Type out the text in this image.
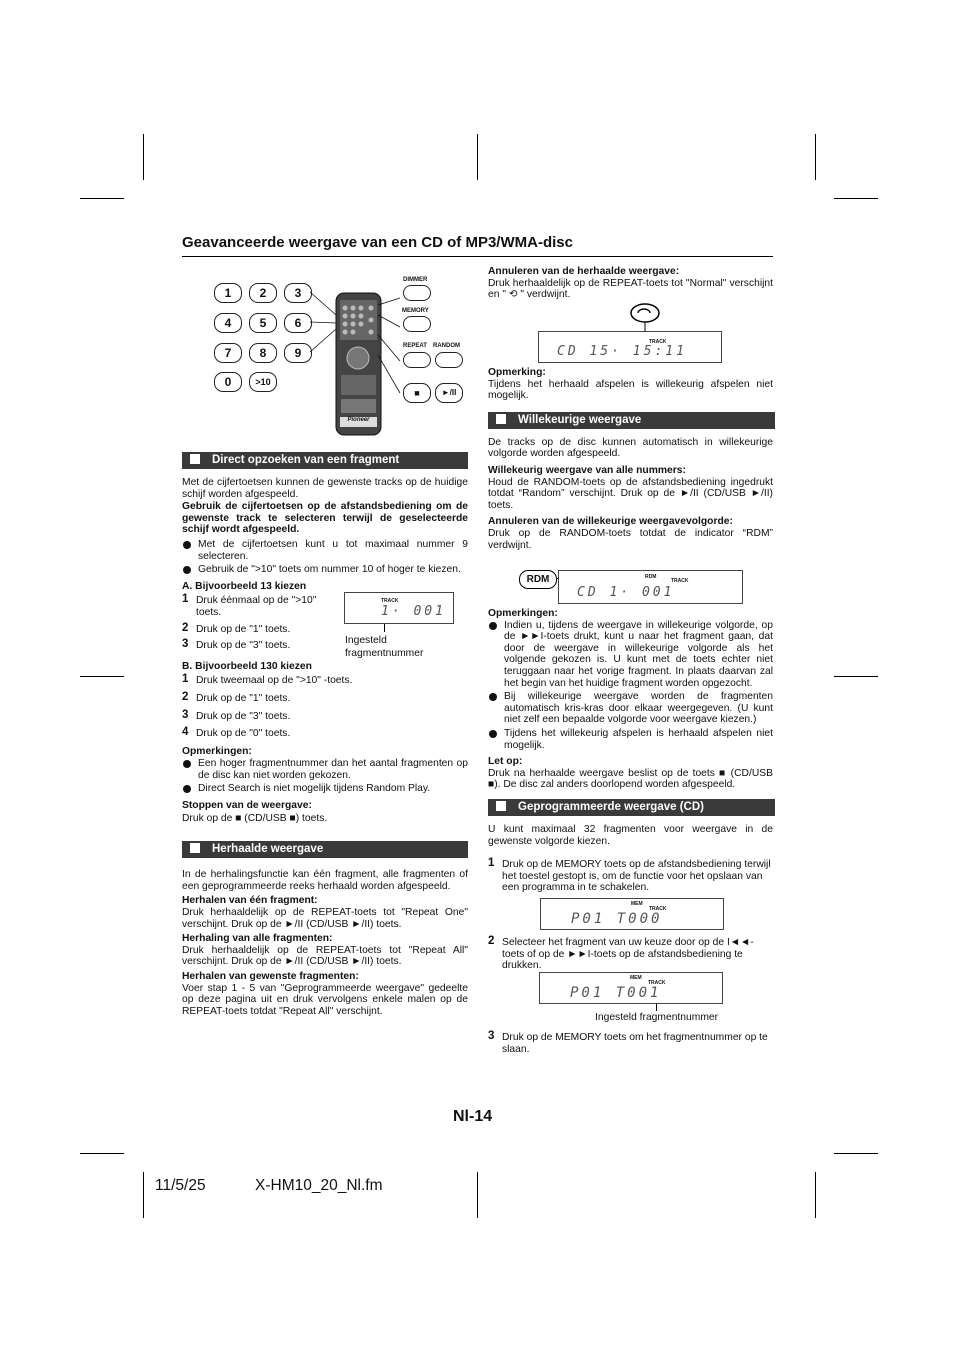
Geavanceerde weergave van een CD of MP3/WMA-disc
1	2	3
4	5	6
7	8	9
0	>10
Pioneer
DIMMER
MEMORY
REPEAT RANDOM
■	►/II
Direct opzoeken van een fragment

Met de cijfertoetsen kunnen de gewenste tracks op de huidige schijf worden afgespeeld.

Gebruik de cijfertoetsen op de afstandsbediening om de gewenste track te selecteren terwijl de geselecteerde schijf wordt afgespeeld.

Met de cijfertoetsen kunt u tot maximaal nummer 9 selecteren.
Gebruik de ">10" toets om nummer 10 of hoger te kiezen.

A. Bijvoorbeeld 13 kiezen

1 Druk éénmaal op de ">10" toets.
2 Druk op de "1" toets.
3 Druk op de "3" toets.

B. Bijvoorbeeld 130 kiezen

1 Druk tweemaal op de ">10" -toets.
2 Druk op de "1" toets.
3 Druk op de "3" toets.
4 Druk op de "0" toets.

Opmerkingen:

Een hoger fragmentnummer dan het aantal fragmenten op de disc kan niet worden gekozen.
Direct Search is niet mogelijk tijdens Random Play.

Stoppen van de weergave:

Druk op de ■ (CD/USB ■) toets.

Herhaalde weergave

In de herhalingsfunctie kan één fragment, alle fragmenten of een geprogrammeerde reeks herhaald worden afgespeeld.

Herhalen van één fragment:

Druk herhaaldelijk op de REPEAT-toets tot "Repeat One" verschijnt. Druk op de ►/II (CD/USB ►/II) toets.

Herhaling van alle fragmenten:

Druk herhaaldelijk op de REPEAT-toets tot "Repeat All" verschijnt. Druk op de ►/II (CD/USB ►/II) toets.

Herhalen van gewenste fragmenten:

Voer stap 1 - 5 van "Geprogrammeerde weergave" gedeelte op deze pagina uit en druk vervolgens enkele malen op de REPEAT-toets totdat "Repeat All" verschijnt.

TRACK
1· 001
Ingesteld
fragmentnummer

Annuleren van de herhaalde weergave:

Druk herhaaldelijk op de REPEAT-toets tot "Normal" verschijnt en " ⟲ " verdwijnt.

TRACK
CD 15· 15:11

Opmerking:

Tijdens het herhaald afspelen is willekeurig afspelen niet mogelijk.

Willekeurige weergave

De tracks op de disc kunnen automatisch in willekeurige volgorde worden afgespeeld.

Willekeurig weergave van alle nummers:

Houd de RANDOM-toets op de afstandsbediening ingedrukt totdat “Random” verschijnt. Druk op de ►/II (CD/USB ►/II) toets.

Annuleren van de willekeurige weergavevolgorde:

Druk op de RANDOM-toets totdat de indicator “RDM” verdwijnt.

RDM	RDM
TRACK
CD 1· 001

Opmerkingen:

Indien u, tijdens de weergave in willekeurige volgorde, op de ►►I-toets drukt, kunt u naar het fragment gaan, dat door de weergave in willekeurige volgorde als het volgende gekozen is. U kunt met de toets echter niet teruggaan naar het vorige fragment. In plaats daarvan zal het begin van het huidige fragment worden opgezocht.
Bij willekeurige weergave worden de fragmenten automatisch kris-kras door elkaar weergegeven. (U kunt niet zelf een bepaalde volgorde voor weergave kiezen.)
Tijdens het willekeurig afspelen is herhaald afspelen niet mogelijk.

Let op:

Druk na herhaalde weergave beslist op de toets ■ (CD/USB ■). De disc zal anders doorlopend worden afgespeeld.

Geprogrammeerde weergave (CD)

U kunt maximaal 32 fragmenten voor weergave in de gewenste volgorde kiezen.

1 Druk op de MEMORY toets op de afstandsbediening terwijl het toestel gestopt is, om de functie voor het opslaan van een programma in te schakelen.
MEM
TRACK
P01 T000
2 Selecteer het fragment van uw keuze door op de I◄◄-toets of op de ►►I-toets op de afstandsbediening te drukken.
MEM
TRACK
P01 T001
Ingesteld fragmentnummer
3 Druk op de MEMORY toets om het fragmentnummer op te slaan.
Nl-14
11/5/25	X-HM10_20_Nl.fm
